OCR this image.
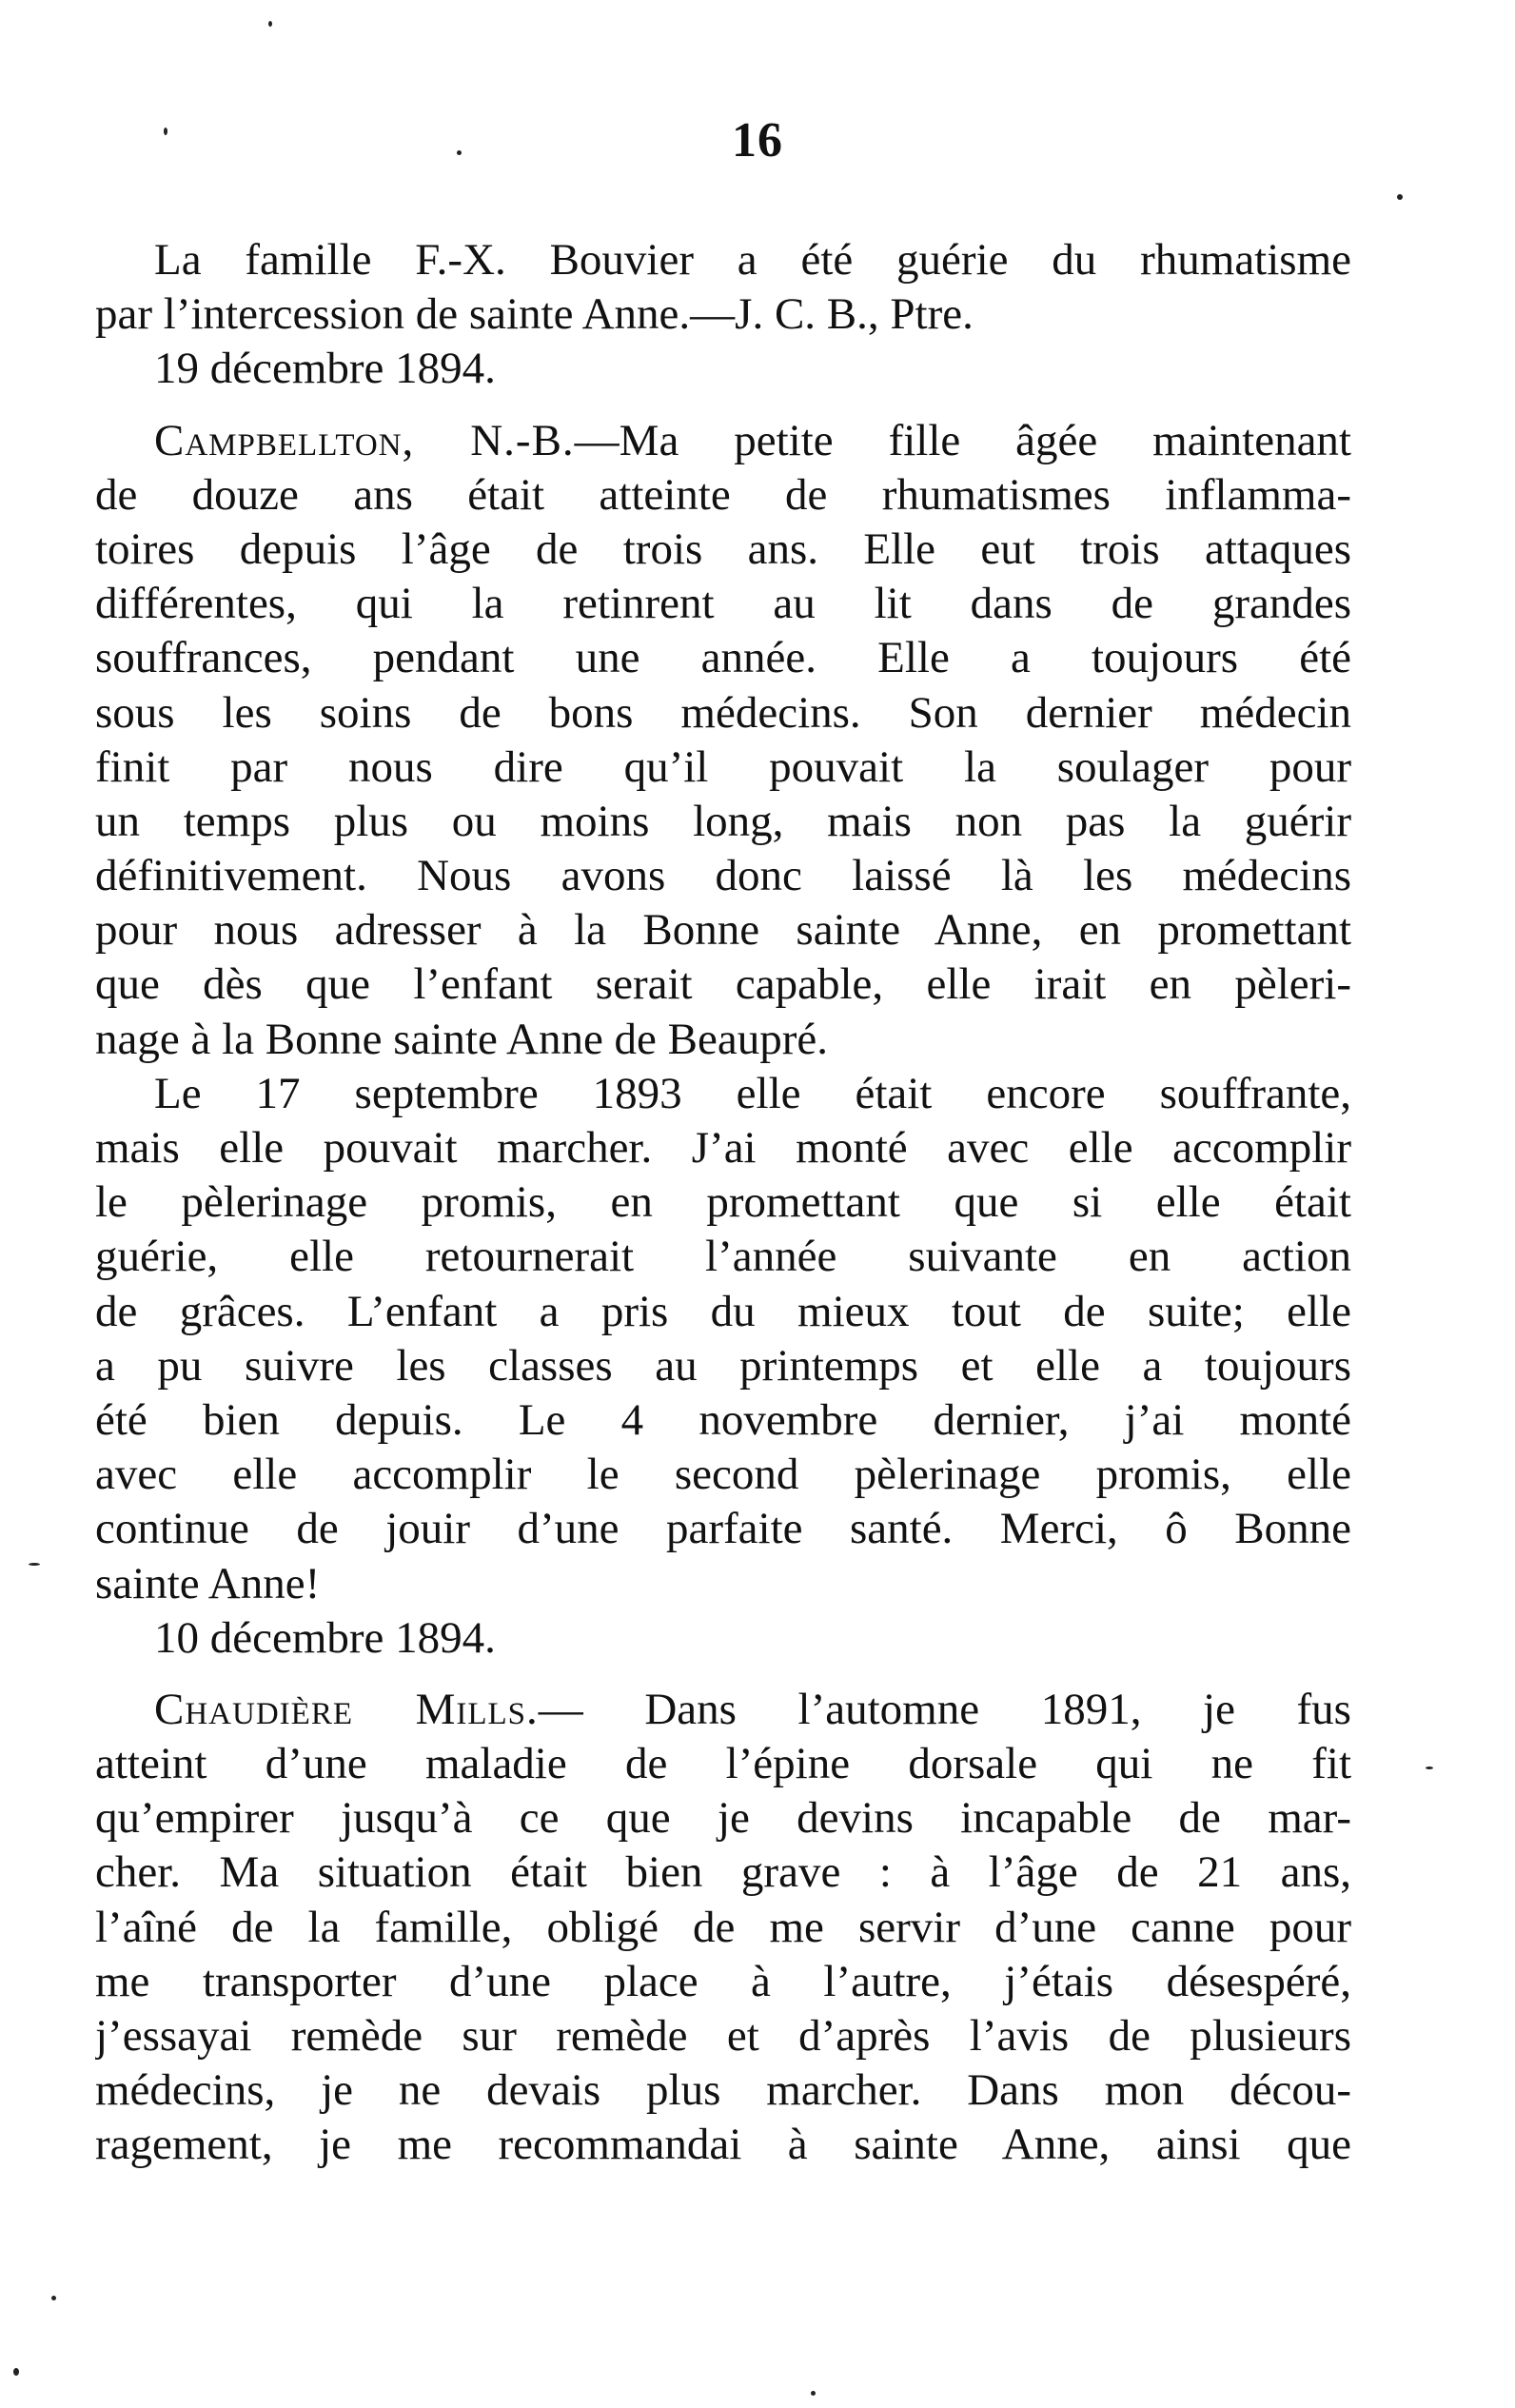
16
La famille F.-X. Bouvier a été guérie du rhumatisme
par l’intercession de sainte Anne.—J. C. B., Ptre.
19 décembre 1894.
Campbellton, N.-B.—Ma petite fille âgée maintenant
de douze ans était atteinte de rhumatismes inflamma-
toires depuis l’âge de trois ans. Elle eut trois attaques
différentes, qui la retinrent au lit dans de grandes
souffrances, pendant une année. Elle a toujours été
sous les soins de bons médecins. Son dernier médecin
finit par nous dire qu’il pouvait la soulager pour
un temps plus ou moins long, mais non pas la guérir
définitivement. Nous avons donc laissé là les médecins
pour nous adresser à la Bonne sainte Anne, en promettant
que dès que l’enfant serait capable, elle irait en pèleri-
nage à la Bonne sainte Anne de Beaupré.
Le 17 septembre 1893 elle était encore souffrante,
mais elle pouvait marcher. J’ai monté avec elle accomplir
le pèlerinage promis, en promettant que si elle était
guérie, elle retournerait l’année suivante en action
de grâces. L’enfant a pris du mieux tout de suite; elle
a pu suivre les classes au printemps et elle a toujours
été bien depuis. Le 4 novembre dernier, j’ai monté
avec elle accomplir le second pèlerinage promis, elle
continue de jouir d’une parfaite santé. Merci, ô Bonne
sainte Anne!
10 décembre 1894.
Chaudière Mills.— Dans l’automne 1891, je fus
atteint d’une maladie de l’épine dorsale qui ne fit
qu’empirer jusqu’à ce que je devins incapable de mar-
cher. Ma situation était bien grave : à l’âge de 21 ans,
l’aîné de la famille, obligé de me servir d’une canne pour
me transporter d’une place à l’autre, j’étais désespéré,
j’essayai remède sur remède et d’après l’avis de plusieurs
médecins, je ne devais plus marcher. Dans mon décou-
ragement, je me recommandai à sainte Anne, ainsi que
